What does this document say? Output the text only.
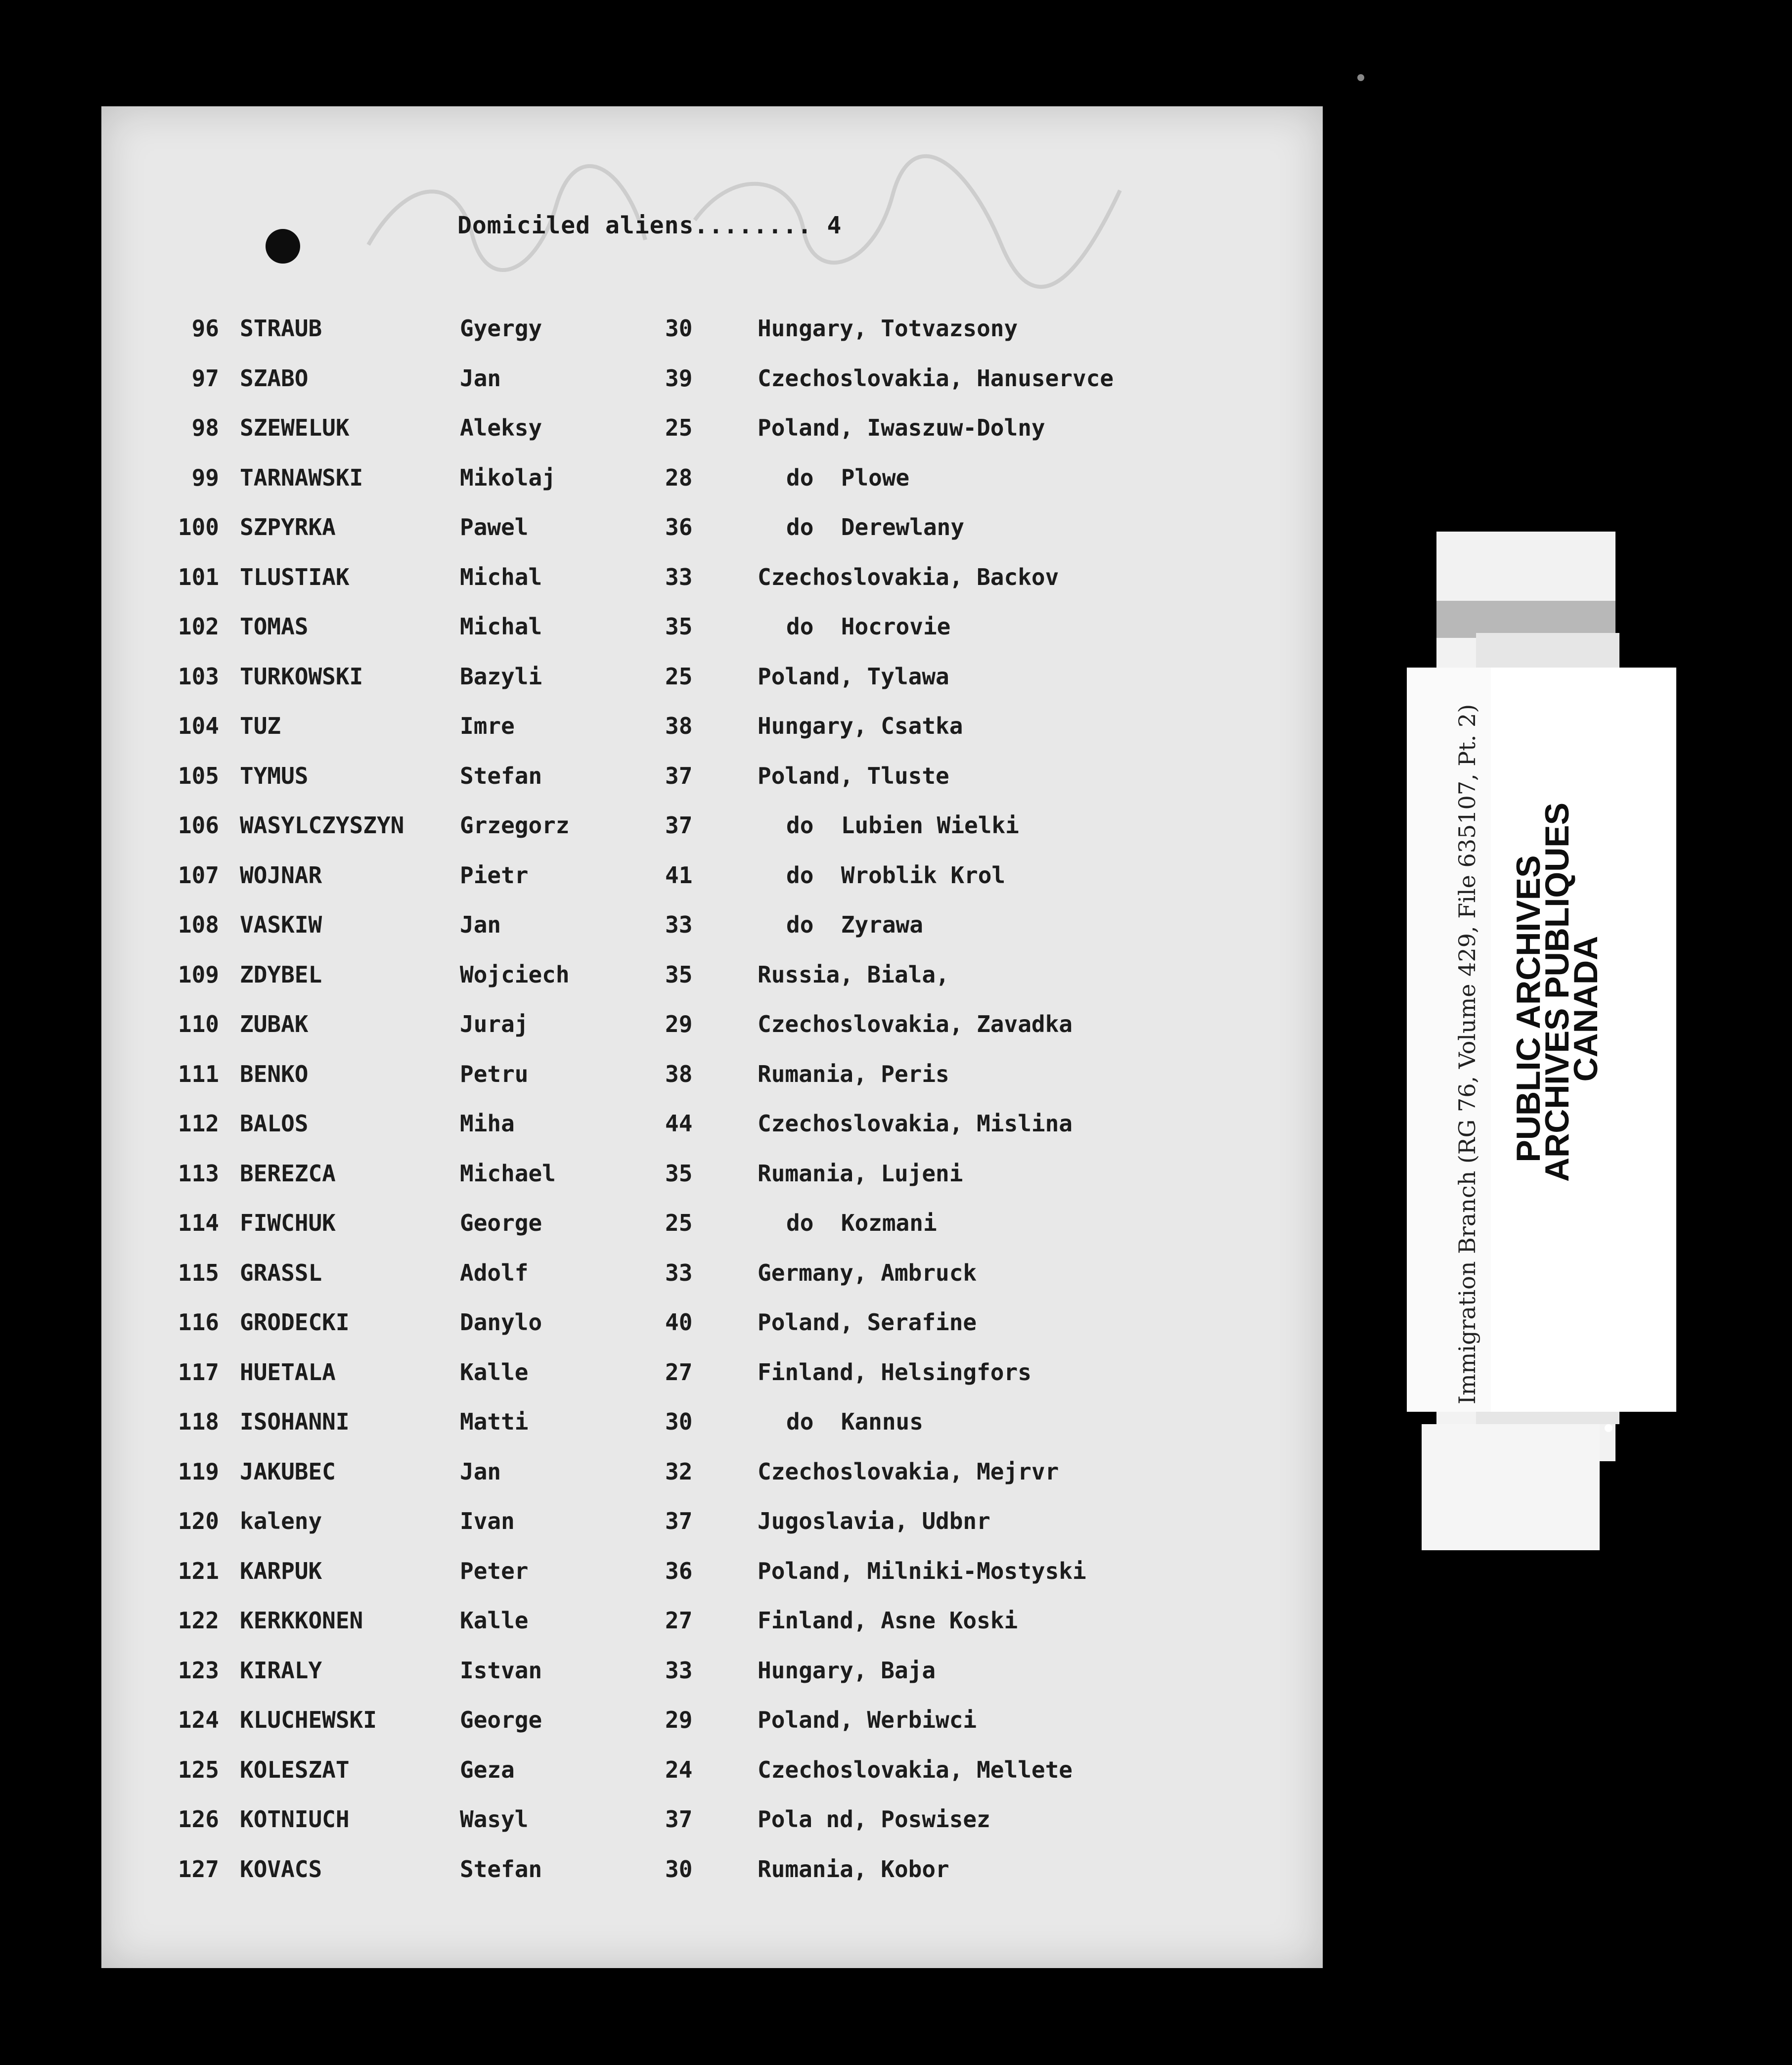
Domiciled aliens........ 4
96 STRAUB	Gyergy	30	Hungary, Totvazsony
97 SZABO	Jan	39	Czechoslovakia, Hanuservce
98 SZEWELUK	Aleksy	25	Poland, Iwaszuw-Dolny
99 TARNAWSKI	Mikolaj	28	do  Plowe
100 SZPYRKA	Pawel	36	do  Derewlany
101 TLUSTIAK	Michal	33	Czechoslovakia, Backov
102 TOMAS	Michal	35	do  Hocrovie
103 TURKOWSKI	Bazyli	25	Poland, Tylawa
104 TUZ	Imre	38	Hungary, Csatka
105 TYMUS	Stefan	37	Poland, Tluste
106 WASYLCZYSZYN Grzegorz	37	do  Lubien Wielki
107 WOJNAR	Pietr	41	do  Wroblik Krol
108 VASKIW	Jan	33	do  Zyrawa
109 ZDYBEL	Wojciech	35	Russia, Biala,
110 ZUBAK	Juraj	29	Czechoslovakia, Zavadka
111 BENKO	Petru	38	Rumania, Peris
112 BALOS	Miha	44	Czechoslovakia, Mislina
113 BEREZCA	Michael	35	Rumania, Lujeni
114 FIWCHUK	George	25	do  Kozmani
115 GRASSL	Adolf	33	Germany, Ambruck
116 GRODECKI	Danylo	40	Poland, Serafine
117 HUETALA	Kalle	27	Finland, Helsingfors
118 ISOHANNI	Matti	30	do  Kannus
119 JAKUBEC	Jan	32	Czechoslovakia, Mejrvr
120 kaleny	Ivan	37	Jugoslavia, Udbnr
121 KARPUK	Peter	36	Poland, Milniki-Mostyski
122 KERKKONEN	Kalle	27	Finland, Asne Koski
123 KIRALY	Istvan	33	Hungary, Baja
124 KLUCHEWSKI	George	29	Poland, Werbiwci
125 KOLESZAT	Geza	24	Czechoslovakia, Mellete
126 KOTNIUCH	Wasyl	37	Pola nd, Poswisez
127 KOVACS	Stefan	30	Rumania, Kobor
Immigration Branch (RG 76, Volume 429, File 635107, Pt. 2) PUBLIC ARCHIVES
ARCHIVES PUBLIQUES
CANADA
